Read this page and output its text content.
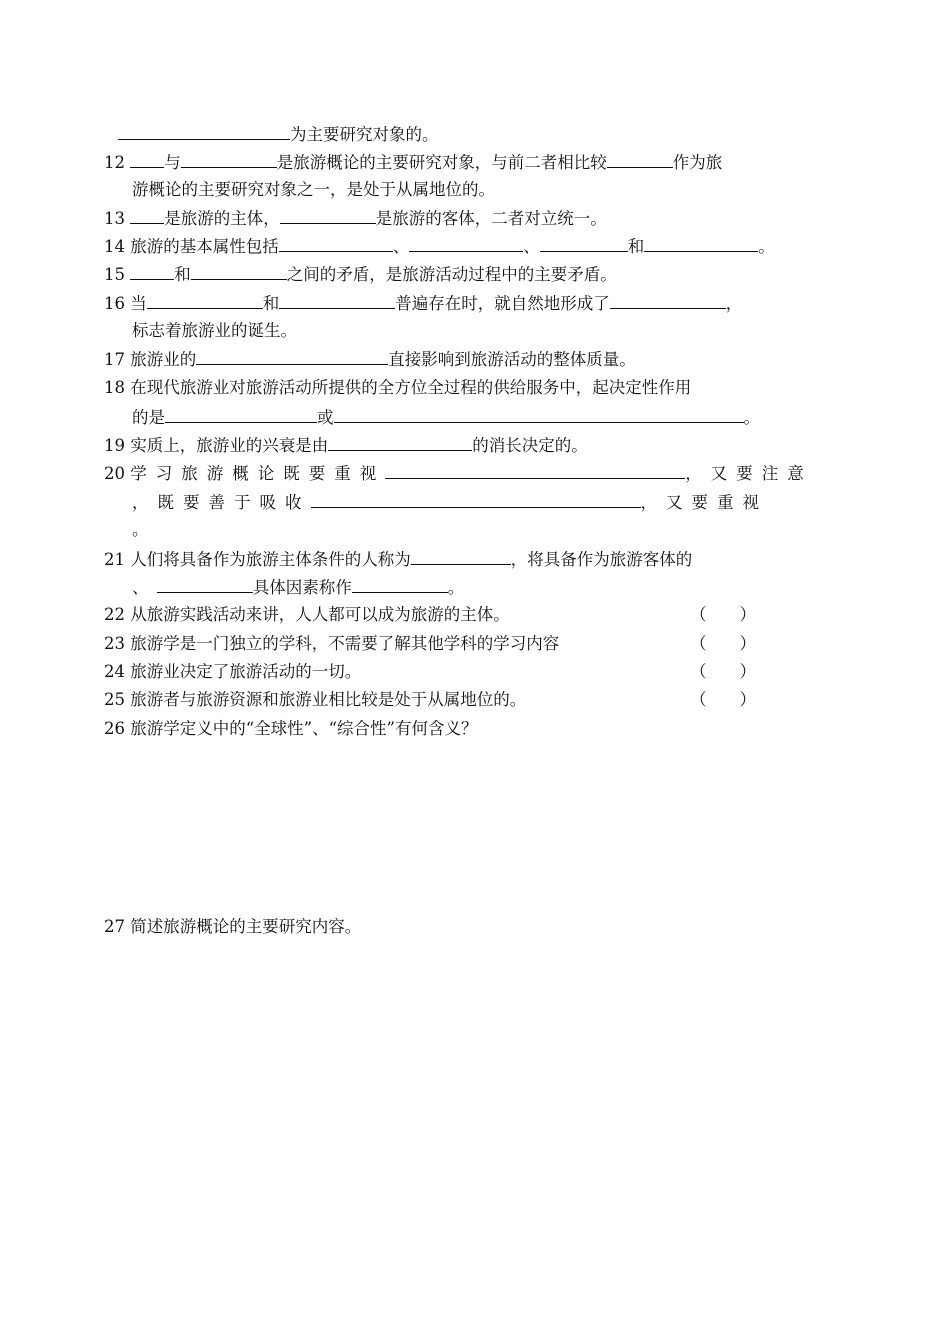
为主要研究对象的。
12 与	是旅游概论的主要研究对象，与前二者相比较	作为旅
游概论的主要研究对象之一，是处于从属地位的。
13 是旅游的主体，	是旅游的客体，二者对立统一。
14 旅游的基本属性包括	、	、	和	。
15	和	之间的矛盾，是旅游活动过程中的主要矛盾。
16 当	和	普遍存在时，就自然地形成了	，
标志着旅游业的诞生。
17 旅游业的	直接影响到旅游活动的整体质量。
18 在现代旅游业对旅游活动所提供的全方位全过程的供给服务中，起决定性作用
的是	或	。
19 实质上，旅游业的兴衰是由	的消长决定的。
20 学习旅游概论既要重视	，又要注意
，既要善于吸收	，又要重视
。
21 人们将具备作为旅游主体条件的人称为	，将具备作为旅游客体的
、　	具体因素称作	。
22 从旅游实践活动来讲，人人都可以成为旅游的主体。	（　　）
23 旅游学是一门独立的学科，不需要了解其他学科的学习内容	（　　）
24 旅游业决定了旅游活动的一切。	（　　）
25 旅游者与旅游资源和旅游业相比较是处于从属地位的。	（　　）
26 旅游学定义中的“全球性”、“综合性”有何含义？
27 简述旅游概论的主要研究内容。
